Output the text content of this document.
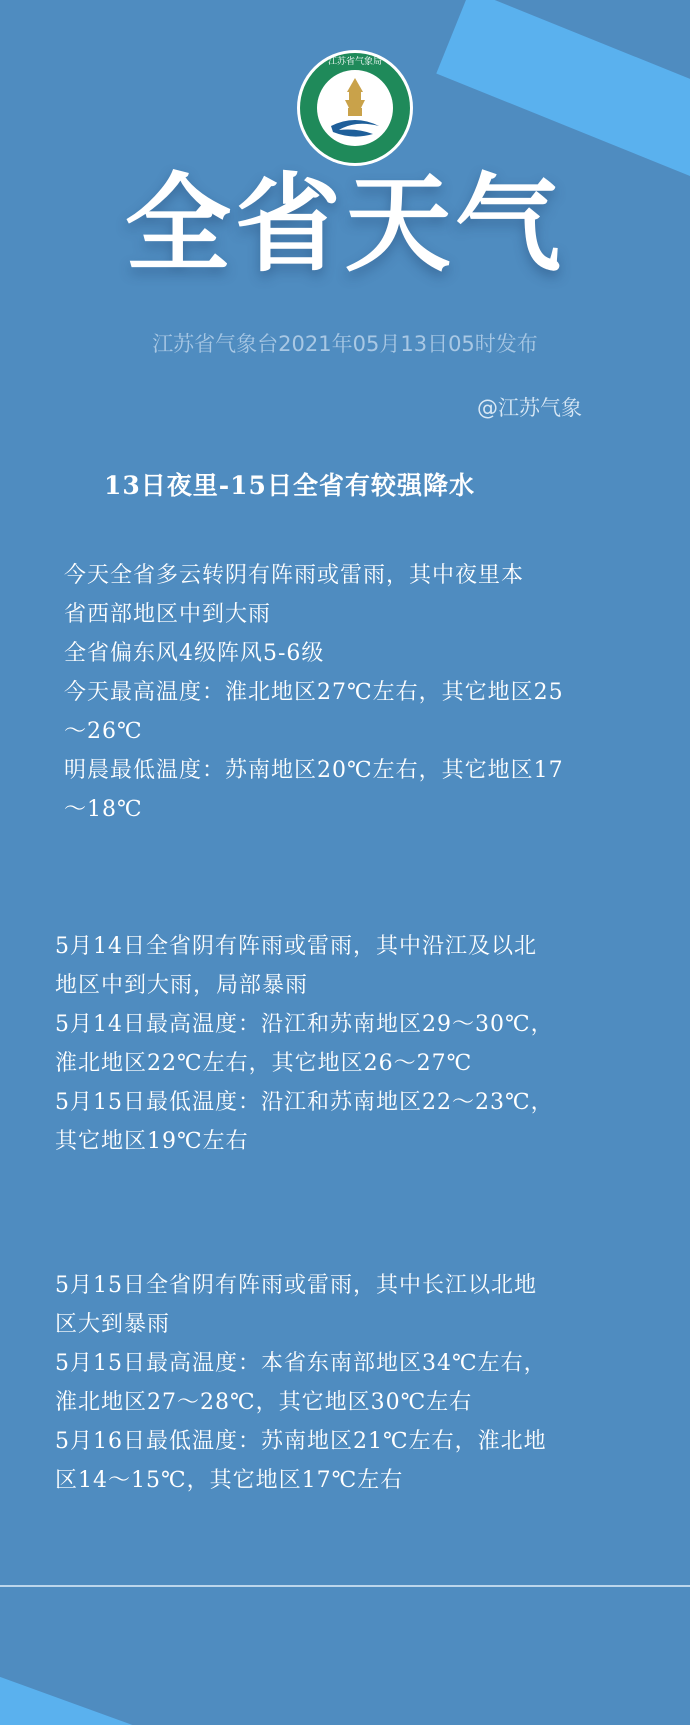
江苏省气象局
全省天气
江苏省气象台2021年05月13日05时发布
@江苏气象
13日夜里-15日全省有较强降水
今天全省多云转阴有阵雨或雷雨，其中夜里本
省西部地区中到大雨
全省偏东风4级阵风5-6级
今天最高温度：淮北地区27℃左右，其它地区25
～26℃
明晨最低温度：苏南地区20℃左右，其它地区17
～18℃
5月14日全省阴有阵雨或雷雨，其中沿江及以北
地区中到大雨，局部暴雨
5月14日最高温度：沿江和苏南地区29～30℃，
淮北地区22℃左右，其它地区26～27℃
5月15日最低温度：沿江和苏南地区22～23℃，
其它地区19℃左右
5月15日全省阴有阵雨或雷雨，其中长江以北地
区大到暴雨
5月15日最高温度：本省东南部地区34℃左右，
淮北地区27～28℃，其它地区30℃左右
5月16日最低温度：苏南地区21℃左右，淮北地
区14～15℃，其它地区17℃左右
